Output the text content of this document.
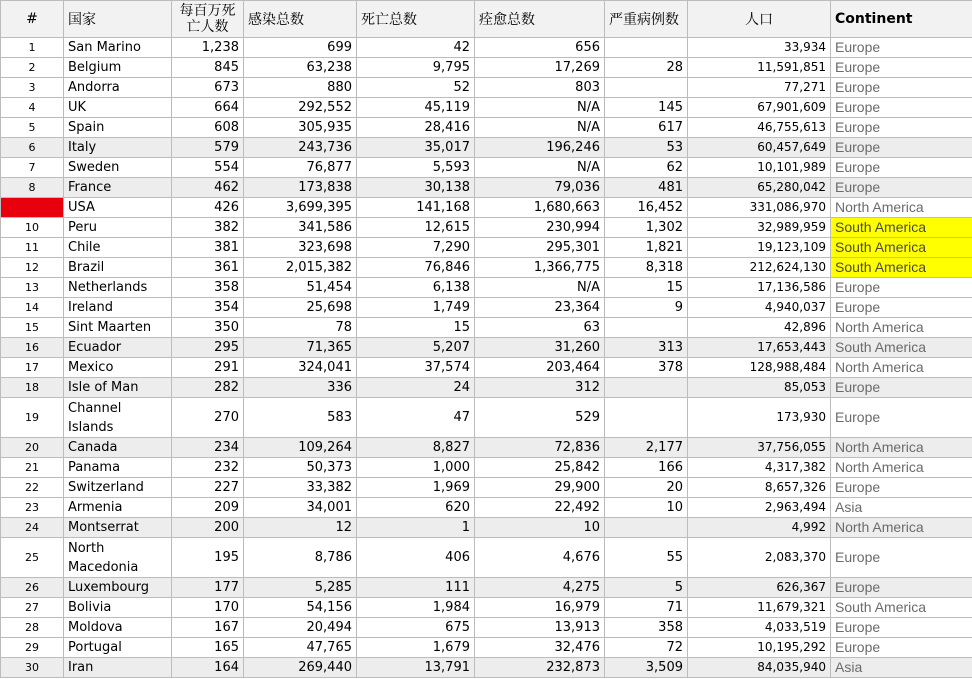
#	国家	每百万死亡人数	感染总数	死亡总数	痊愈总数	严重病例数	人口	Continent
1	San Marino	1,238	699	42	656		33,934	Europe
2	Belgium	845	63,238	9,795	17,269	28	11,591,851	Europe
3	Andorra	673	880	52	803		77,271	Europe
4	UK	664	292,552	45,119	N/A	145	67,901,609	Europe
5	Spain	608	305,935	28,416	N/A	617	46,755,613	Europe
6	Italy	579	243,736	35,017	196,246	53	60,457,649	Europe
7	Sweden	554	76,877	5,593	N/A	62	10,101,989	Europe
8	France	462	173,838	30,138	79,036	481	65,280,042	Europe
9	USA	426	3,699,395	141,168	1,680,663	16,452	331,086,970	North America
10	Peru	382	341,586	12,615	230,994	1,302	32,989,959	South America
11	Chile	381	323,698	7,290	295,301	1,821	19,123,109	South America
12	Brazil	361	2,015,382	76,846	1,366,775	8,318	212,624,130	South America
13	Netherlands	358	51,454	6,138	N/A	15	17,136,586	Europe
14	Ireland	354	25,698	1,749	23,364	9	4,940,037	Europe
15	Sint Maarten	350	78	15	63		42,896	North America
16	Ecuador	295	71,365	5,207	31,260	313	17,653,443	South America
17	Mexico	291	324,041	37,574	203,464	378	128,988,484	North America
18	Isle of Man	282	336	24	312		85,053	Europe
19	Channel Islands	270	583	47	529		173,930	Europe
20	Canada	234	109,264	8,827	72,836	2,177	37,756,055	North America
21	Panama	232	50,373	1,000	25,842	166	4,317,382	North America
22	Switzerland	227	33,382	1,969	29,900	20	8,657,326	Europe
23	Armenia	209	34,001	620	22,492	10	2,963,494	Asia
24	Montserrat	200	12	1	10		4,992	North America
25	North Macedonia	195	8,786	406	4,676	55	2,083,370	Europe
26	Luxembourg	177	5,285	111	4,275	5	626,367	Europe
27	Bolivia	170	54,156	1,984	16,979	71	11,679,321	South America
28	Moldova	167	20,494	675	13,913	358	4,033,519	Europe
29	Portugal	165	47,765	1,679	32,476	72	10,195,292	Europe
30	Iran	164	269,440	13,791	232,873	3,509	84,035,940	Asia
